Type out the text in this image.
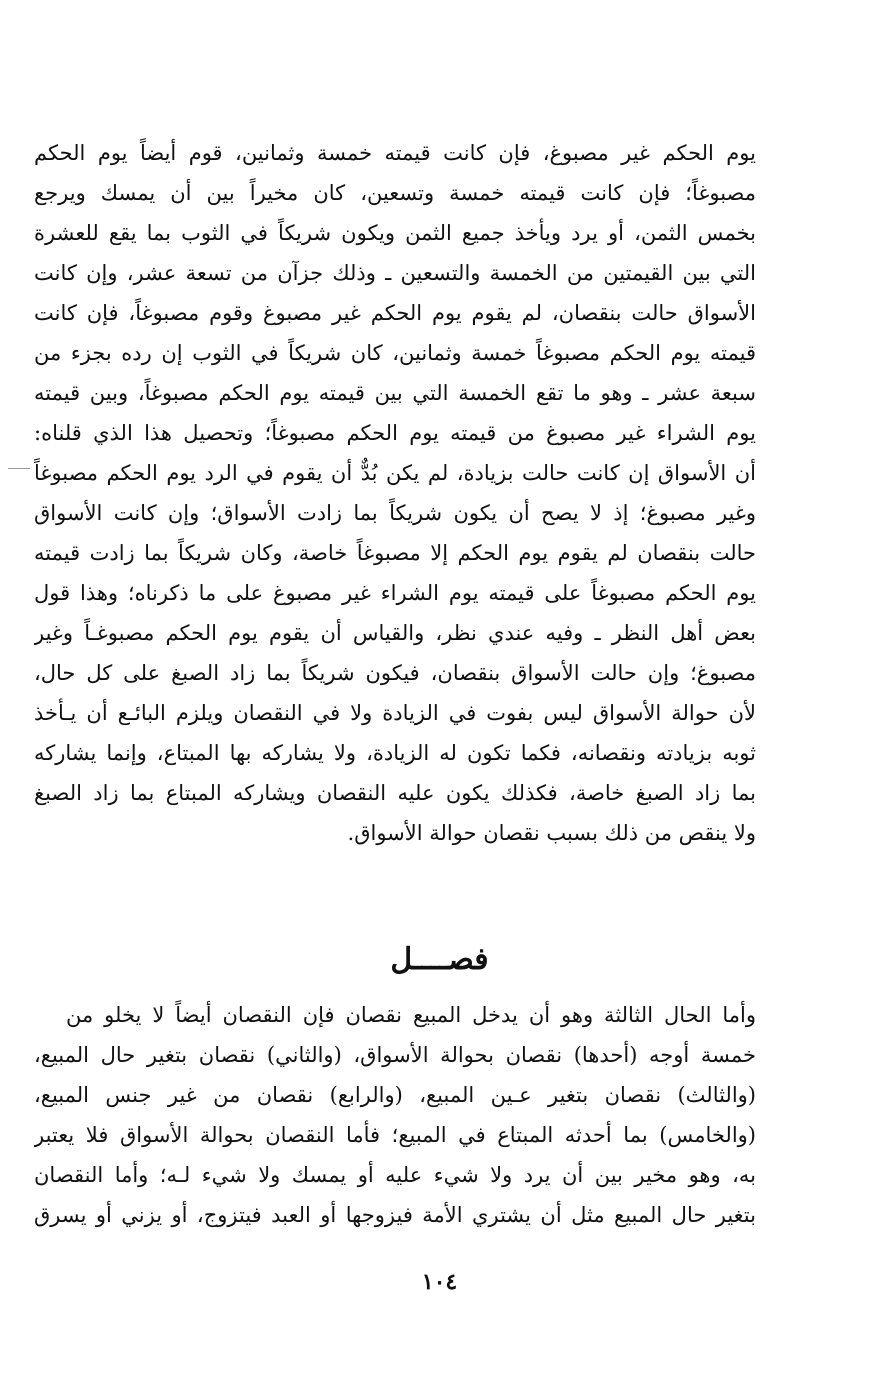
يوم الحكم غير مصبوغ، فإن كانت قيمته خمسة وثمانين، قوم أيضاً يوم الحكم
مصبوغاً؛ فإن كانت قيمته خمسة وتسعين، كان مخيراً بين أن يمسك ويرجع
بخمس الثمن، أو يرد ويأخذ جميع الثمن ويكون شريكاً في الثوب بما يقع للعشرة
التي بين القيمتين من الخمسة والتسعين ـ وذلك جزآن من تسعة عشر، وإن كانت
الأسواق حالت بنقصان، لم يقوم يوم الحكم غير مصبوغ وقوم مصبوغاً، فإن كانت
قيمته يوم الحكم مصبوغاً خمسة وثمانين، كان شريكاً في الثوب إن رده بجزء من
سبعة عشر ـ وهو ما تقع الخمسة التي بين قيمته يوم الحكم مصبوغاً، وبين قيمته
يوم الشراء غير مصبوغ من قيمته يوم الحكم مصبوغاً؛ وتحصيل هذا الذي قلناه:
أن الأسواق إن كانت حالت بزيادة، لم يكن بُدٌّ أن يقوم في الرد يوم الحكم مصبوغاً
وغير مصبوغ؛ إذ لا يصح أن يكون شريكاً بما زادت الأسواق؛ وإن كانت الأسواق
حالت بنقصان لم يقوم يوم الحكم إلا مصبوغاً خاصة، وكان شريكاً بما زادت قيمته
يوم الحكم مصبوغاً على قيمته يوم الشراء غير مصبوغ على ما ذكرناه؛ وهذا قول
بعض أهل النظر ـ وفيه عندي نظر، والقياس أن يقوم يوم الحكم مصبوغـاً وغير
مصبوغ؛ وإن حالت الأسواق بنقصان، فيكون شريكاً بما زاد الصبغ على كل حال،
لأن حوالة الأسواق ليس بفوت في الزيادة ولا في النقصان ويلزم البائـع أن يـأخذ
ثوبه بزيادته ونقصانه، فكما تكون له الزيادة، ولا يشاركه بها المبتاع، وإنما يشاركه
بما زاد الصبغ خاصة، فكذلك يكون عليه النقصان ويشاركه المبتاع بما زاد الصبغ
ولا ينقص من ذلك بسبب نقصان حوالة الأسواق.
فصــــل
وأما الحال الثالثة وهو أن يدخل المبيع نقصان فإن النقصان أيضاً لا يخلو من
خمسة أوجه (أحدها) نقصان بحوالة الأسواق، (والثاني) نقصان بتغير حال المبيع،
(والثالث) نقصان بتغير عـين المبيع، (والرابع) نقصان من غير جنس المبيع،
(والخامس) بما أحدثه المبتاع في المبيع؛ فأما النقصان بحوالة الأسواق فلا يعتبر
به، وهو مخير بين أن يرد ولا شيء عليه أو يمسك ولا شيء لـه؛ وأما النقصان
بتغير حال المبيع مثل أن يشتري الأمة فيزوجها أو العبد فيتزوج، أو يزني أو يسرق
١٠٤
